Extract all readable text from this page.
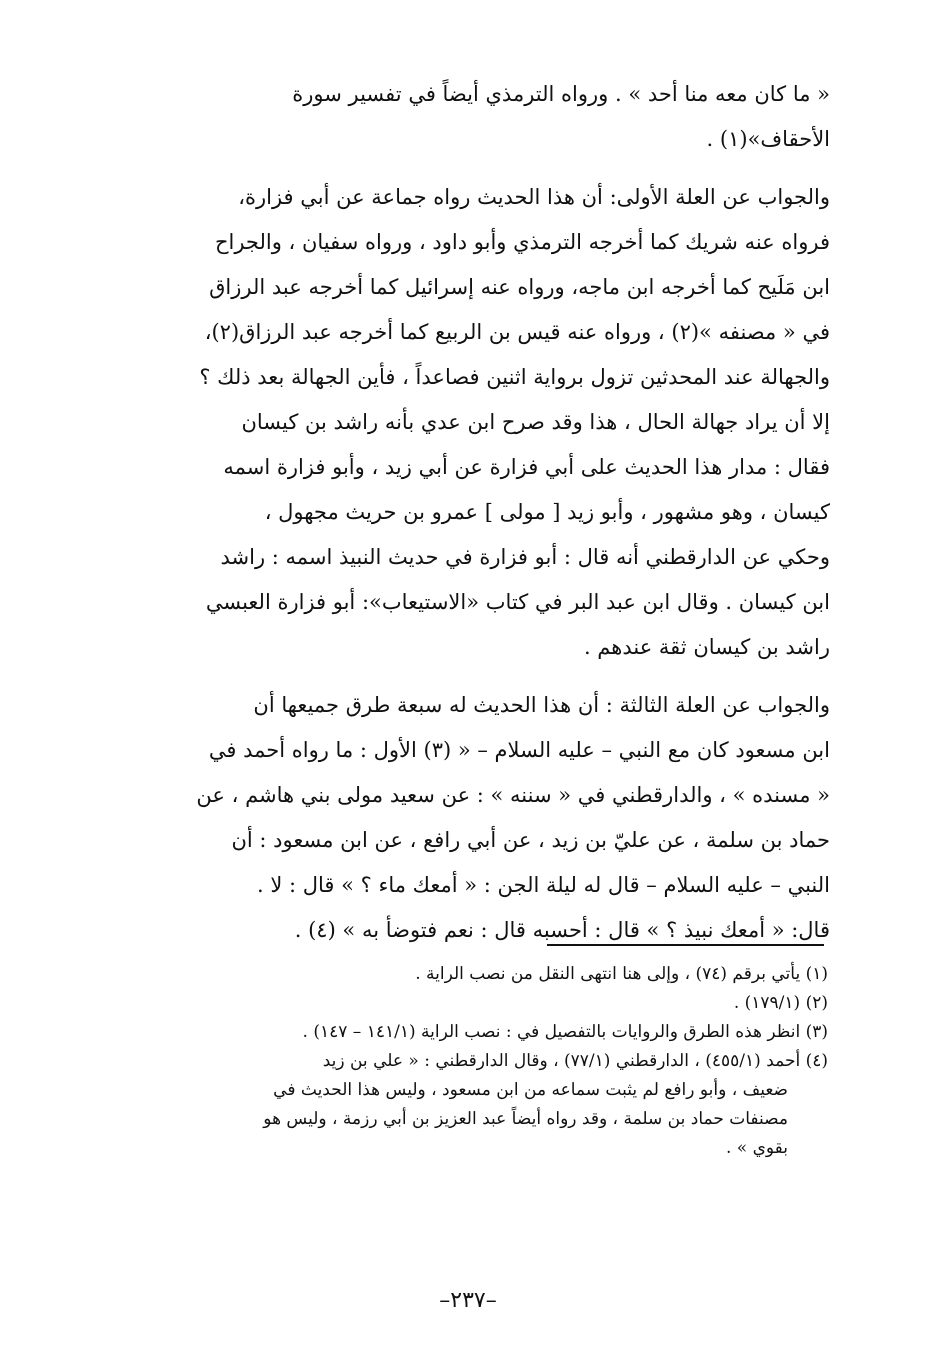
« ما كان معه منا أحد » . ورواه الترمذي أيضاً في تفسير سورة
الأحقاف»(١) .

والجواب عن العلة الأولى: أن هذا الحديث رواه جماعة عن أبي فزارة،
فرواه عنه شريك كما أخرجه الترمذي وأبو داود ، ورواه سفيان ، والجراح
ابن مَلَيح كما أخرجه ابن ماجه، ورواه عنه إسرائيل كما أخرجه عبد الرزاق
في « مصنفه »(٢) ، ورواه عنه قيس بن الربيع كما أخرجه عبد الرزاق(٢)،
والجهالة عند المحدثين تزول برواية اثنين فصاعداً ، فأين الجهالة بعد ذلك ؟
إلا أن يراد جهالة الحال ، هذا وقد صرح ابن عدي بأنه راشد بن كيسان
فقال : مدار هذا الحديث على أبي فزارة عن أبي زيد ، وأبو فزارة اسمه
كيسان ، وهو مشهور ، وأبو زيد [ مولى ] عمرو بن حريث مجهول ،
وحكي عن الدارقطني أنه قال : أبو فزارة في حديث النبيذ اسمه : راشد
ابن كيسان . وقال ابن عبد البر في كتاب «الاستيعاب»: أبو فزارة العبسي
راشد بن كيسان ثقة عندهم .

والجواب عن العلة الثالثة : أن هذا الحديث له سبعة طرق جميعها أن
ابن مسعود كان مع النبي – عليه السلام – « (٣) الأول : ما رواه أحمد في
« مسنده » ، والدارقطني في « سننه » : عن سعيد مولى بني هاشم ، عن
حماد بن سلمة ، عن عليّ بن زيد ، عن أبي رافع ، عن ابن مسعود : أن
النبي – عليه السلام – قال له ليلة الجن : « أمعك ماء ؟ » قال : لا .
قال: « أمعك نبيذ ؟ » قال : أحسبه قال : نعم فتوضأ به » (٤) .

(١) يأتي برقم (٧٤) ، وإلى هنا انتهى النقل من نصب الراية .

(٢) (١٧٩/١) .

(٣) انظر هذه الطرق والروايات بالتفصيل في : نصب الراية (١٤١/١ – ١٤٧) .

(٤) أحمد (٤٥٥/١) ، الدارقطني (٧٧/١) ، وقال الدارقطني : « علي بن زيد
ضعيف ، وأبو رافع لم يثبت سماعه من ابن مسعود ، وليس هذا الحديث في
مصنفات حماد بن سلمة ، وقد رواه أيضاً عبد العزيز بن أبي رزمة ، وليس هو
بقوي » .

–٢٣٧–
